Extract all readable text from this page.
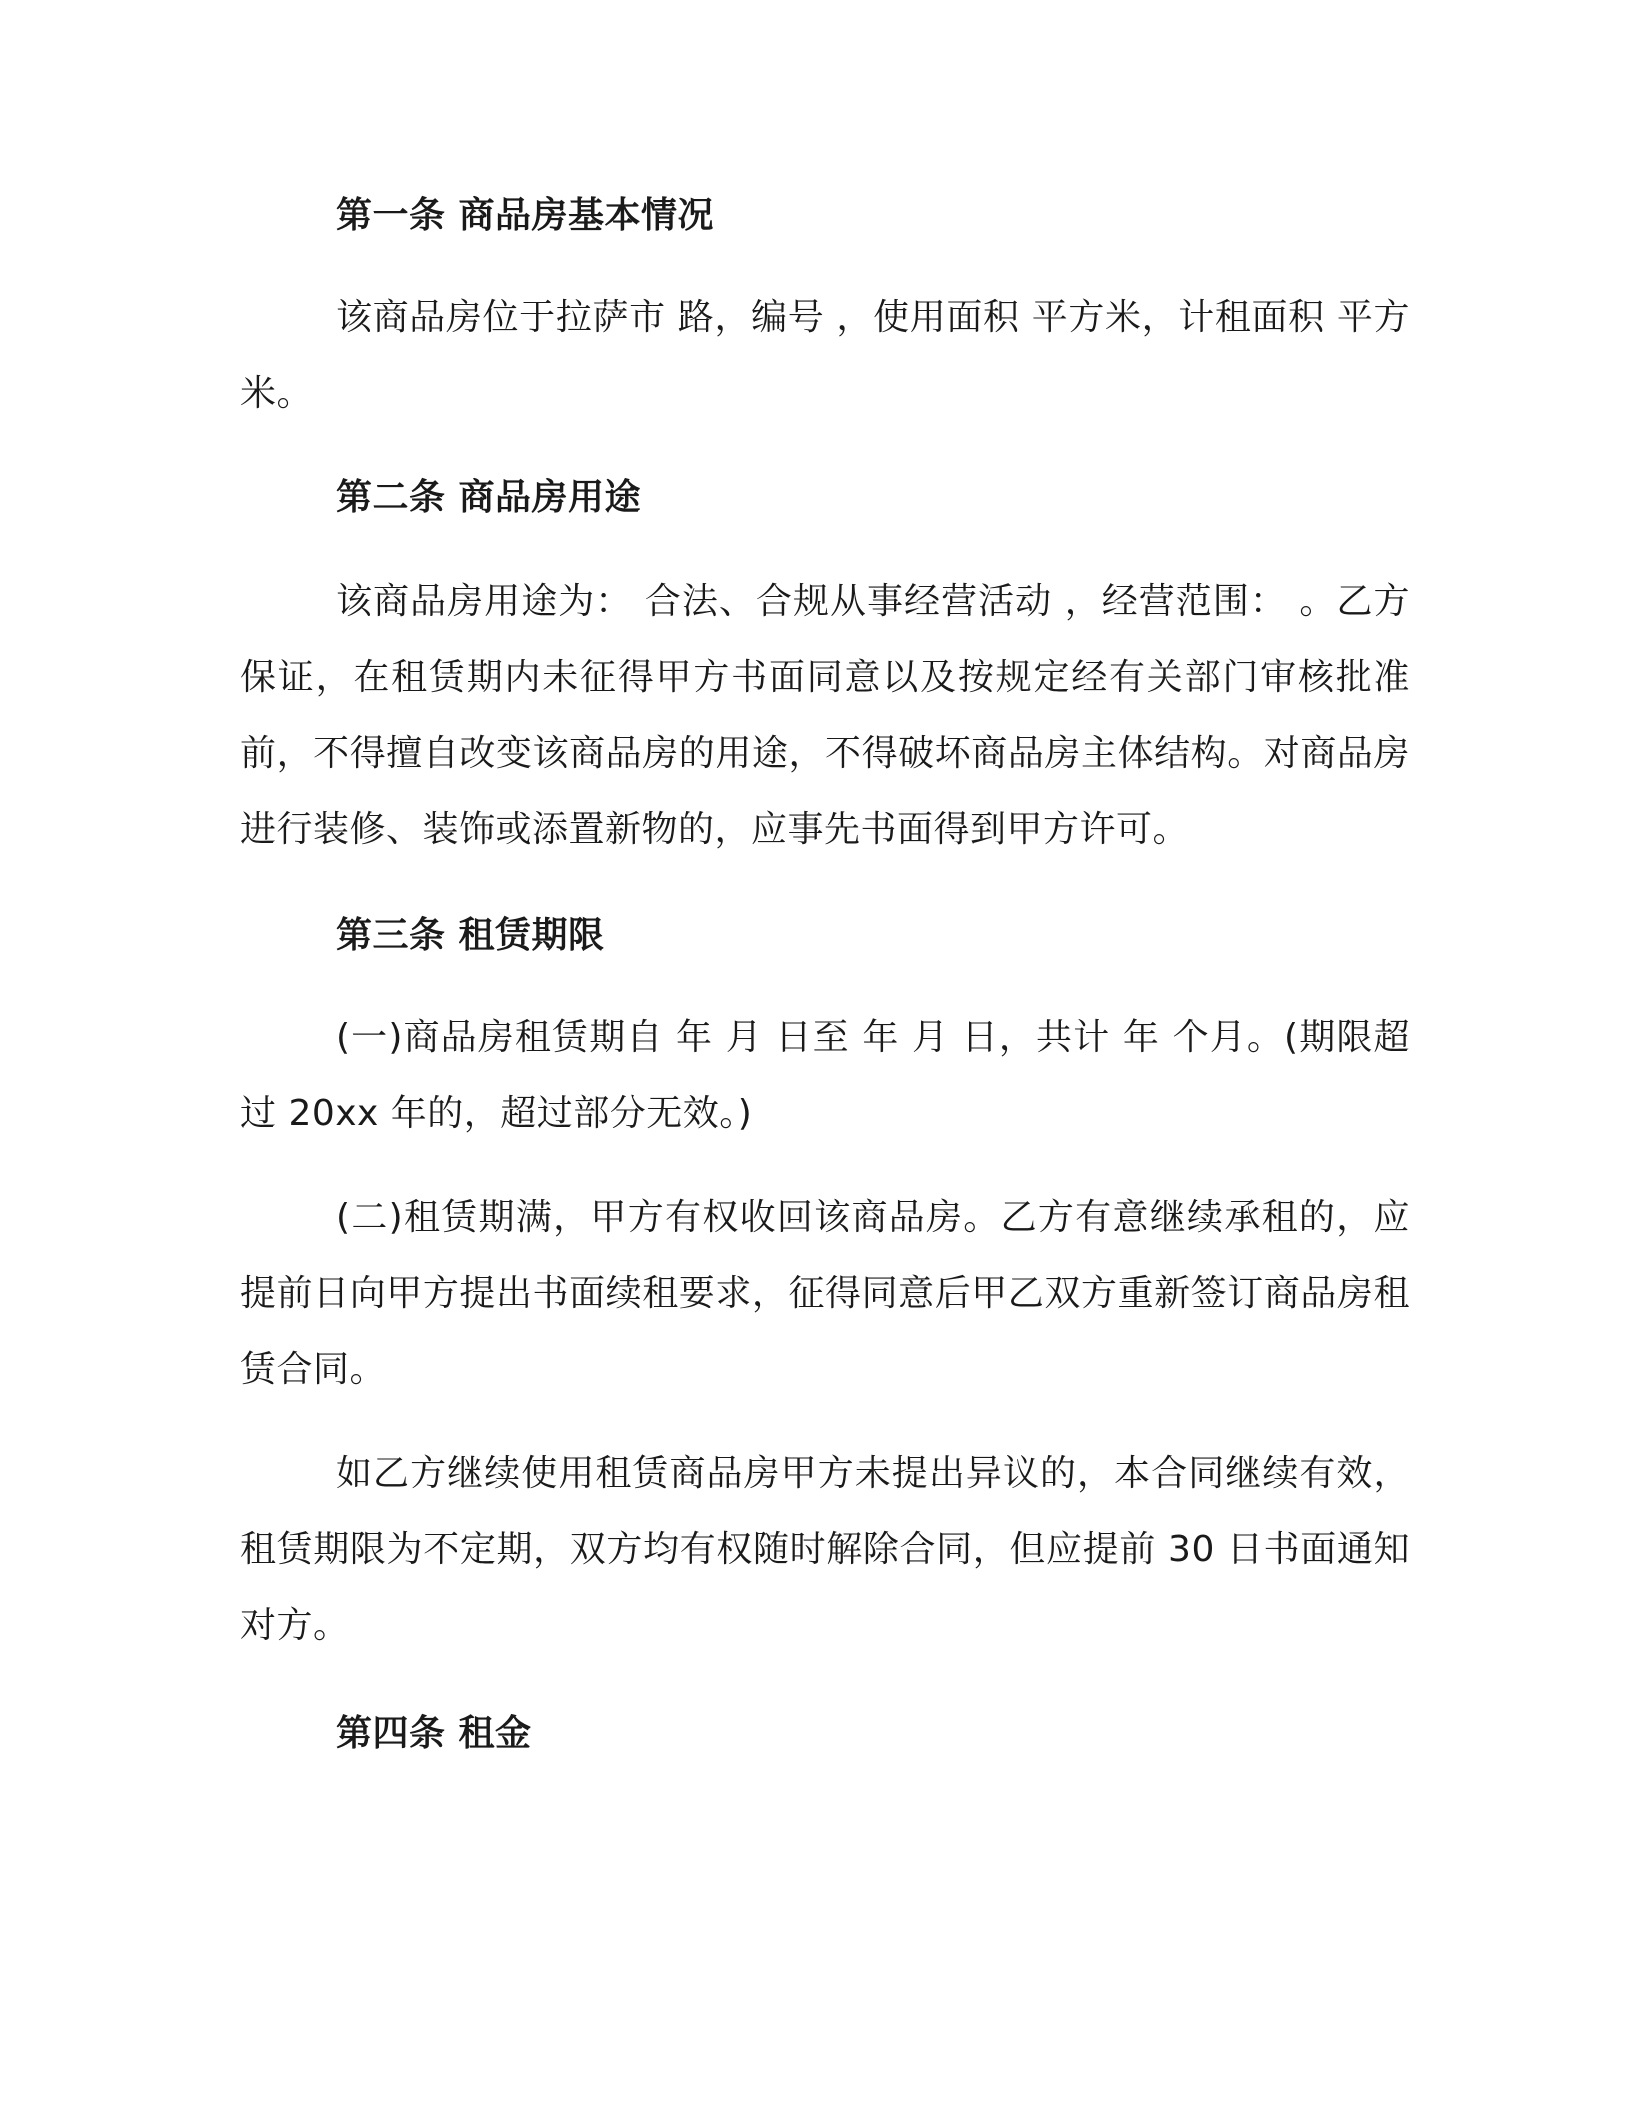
第一条 商品房基本情况

该商品房位于拉萨市 路，编号 ，使用面积 平方米，计租面积 平方米。

第二条 商品房用途

该商品房用途为： 合法、合规从事经营活动 ，经营范围： 。乙方保证，在租赁期内未征得甲方书面同意以及按规定经有关部门审核批准前，不得擅自改变该商品房的用途，不得破坏商品房主体结构。对商品房进行装修、装饰或添置新物的，应事先书面得到甲方许可。

第三条 租赁期限

(一)商品房租赁期自 年 月 日至 年 月 日，共计 年 个月。(期限超过 20xx 年的，超过部分无效。)

(二)租赁期满，甲方有权收回该商品房。乙方有意继续承租的，应提前日向甲方提出书面续租要求，征得同意后甲乙双方重新签订商品房租赁合同。

如乙方继续使用租赁商品房甲方未提出异议的，本合同继续有效，租赁期限为不定期，双方均有权随时解除合同，但应提前 30 日书面通知对方。

第四条 租金
